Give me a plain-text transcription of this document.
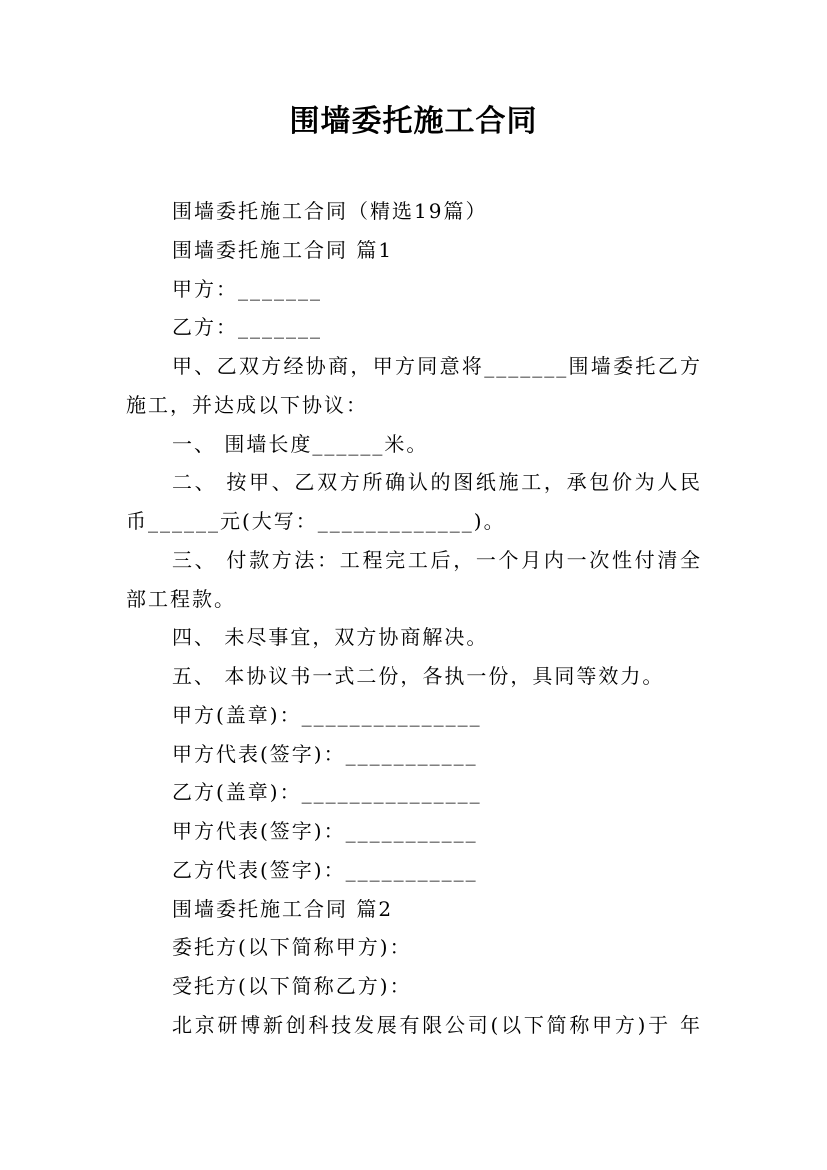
围墙委托施工合同
围墙委托施工合同（精选19篇）
围墙委托施工合同 篇1
甲方：_______
乙方：_______
甲、乙双方经协商，甲方同意将_______围墙委托乙方
施工，并达成以下协议：
一、 围墙长度______米。
二、 按甲、乙双方所确认的图纸施工，承包价为人民
币______元(大写：_____________)。
三、 付款方法：工程完工后，一个月内一次性付清全
部工程款。
四、 未尽事宜，双方协商解决。
五、 本协议书一式二份，各执一份，具同等效力。
甲方(盖章)：_______________
甲方代表(签字)：___________
乙方(盖章)：_______________
甲方代表(签字)：___________
乙方代表(签字)：___________
围墙委托施工合同 篇2
委托方(以下简称甲方)：
受托方(以下简称乙方)：
北京研博新创科技发展有限公司(以下简称甲方)于 年
